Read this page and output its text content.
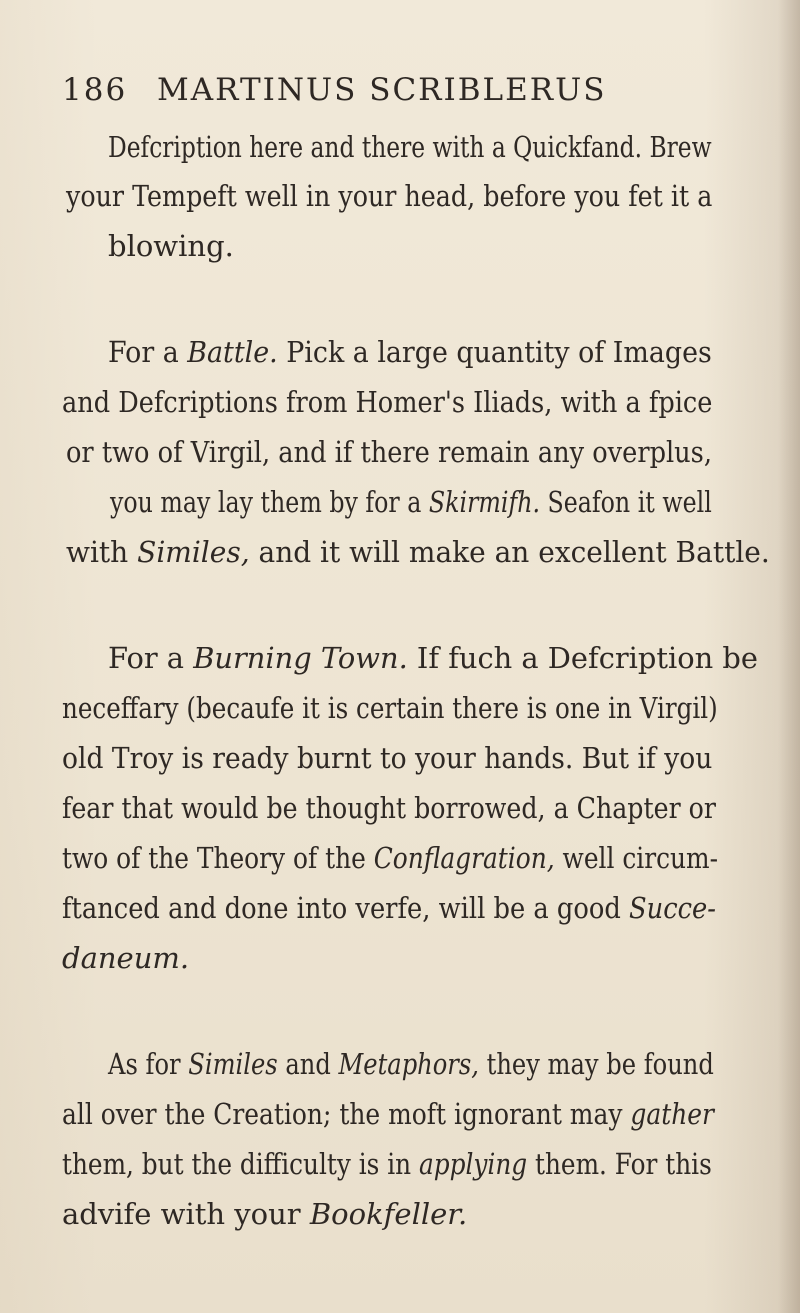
186 MARTINUS SCRIBLERUS
Defcription here and there with a Quickfand. Brew
your Tempeft well in your head, before you fet it a
blowing.
For a Battle. Pick a large quantity of Images
and Defcriptions from Homer's Iliads, with a fpice
or two of Virgil, and if there remain any overplus,
you may lay them by for a Skirmifh. Seafon it well
with Similes, and it will make an excellent Battle.
For a Burning Town. If fuch a Defcription be
neceffary (becaufe it is certain there is one in Virgil)
old Troy is ready burnt to your hands. But if you
fear that would be thought borrowed, a Chapter or
two of the Theory of the Conflagration, well circum-
ftanced and done into verfe, will be a good Succe-
daneum.
As for Similes and Metaphors, they may be found
all over the Creation; the moft ignorant may gather
them, but the difficulty is in applying them. For this
advife with your Bookfeller.
